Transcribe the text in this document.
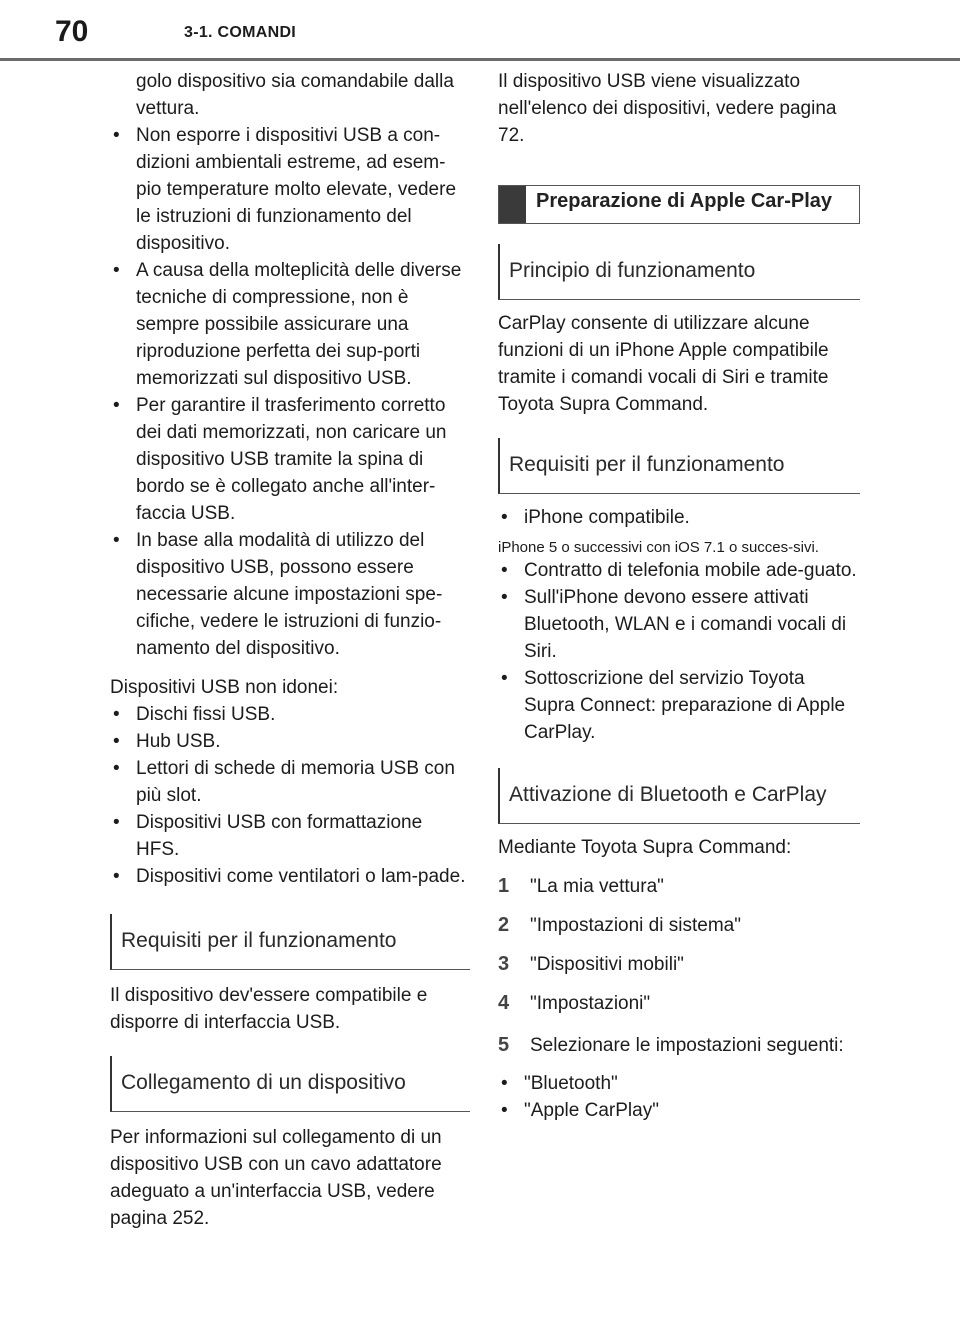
70	3-1. COMANDI

golo dispositivo sia comandabile dalla vettura.

• Non esporre i dispositivi USB a con-dizioni ambientali estreme, ad esem-pio temperature molto elevate, vedere le istruzioni di funzionamento del dispositivo.
• A causa della molteplicità delle diverse tecniche di compressione, non è sempre possibile assicurare una riproduzione perfetta dei sup-porti memorizzati sul dispositivo USB.
• Per garantire il trasferimento corretto dei dati memorizzati, non caricare un dispositivo USB tramite la spina di bordo se è collegato anche all'inter-faccia USB.
• In base alla modalità di utilizzo del dispositivo USB, possono essere necessarie alcune impostazioni spe-cifiche, vedere le istruzioni di funzio-namento del dispositivo.

Dispositivi USB non idonei:

• Dischi fissi USB.
• Hub USB.
• Lettori di schede di memoria USB con più slot.
• Dispositivi USB con formattazione HFS.
• Dispositivi come ventilatori o lam-pade.
Requisiti per il funzionamento

Il dispositivo dev'essere compatibile e disporre di interfaccia USB.

Collegamento di un dispositivo

Per informazioni sul collegamento di un dispositivo USB con un cavo adattatore adeguato a un'interfaccia USB, vedere pagina 252.

Il dispositivo USB viene visualizzato nell'elenco dei dispositivi, vedere pagina 72.

Preparazione di Apple Car-Play
Principio di funzionamento

CarPlay consente di utilizzare alcune funzioni di un iPhone Apple compatibile tramite i comandi vocali di Siri e tramite Toyota Supra Command.

Requisiti per il funzionamento
• iPhone compatibile.

iPhone 5 o successivi con iOS 7.1 o succes-sivi.

• Contratto di telefonia mobile ade-guato.
• Sull'iPhone devono essere attivati Bluetooth, WLAN e i comandi vocali di Siri.
• Sottoscrizione del servizio Toyota Supra Connect: preparazione di Apple CarPlay.
Attivazione di Bluetooth e CarPlay

Mediante Toyota Supra Command:

1 "La mia vettura"
2 "Impostazioni di sistema"
3 "Dispositivi mobili"
4 "Impostazioni"
5 Selezionare le impostazioni seguenti:
• "Bluetooth"
• "Apple CarPlay"
